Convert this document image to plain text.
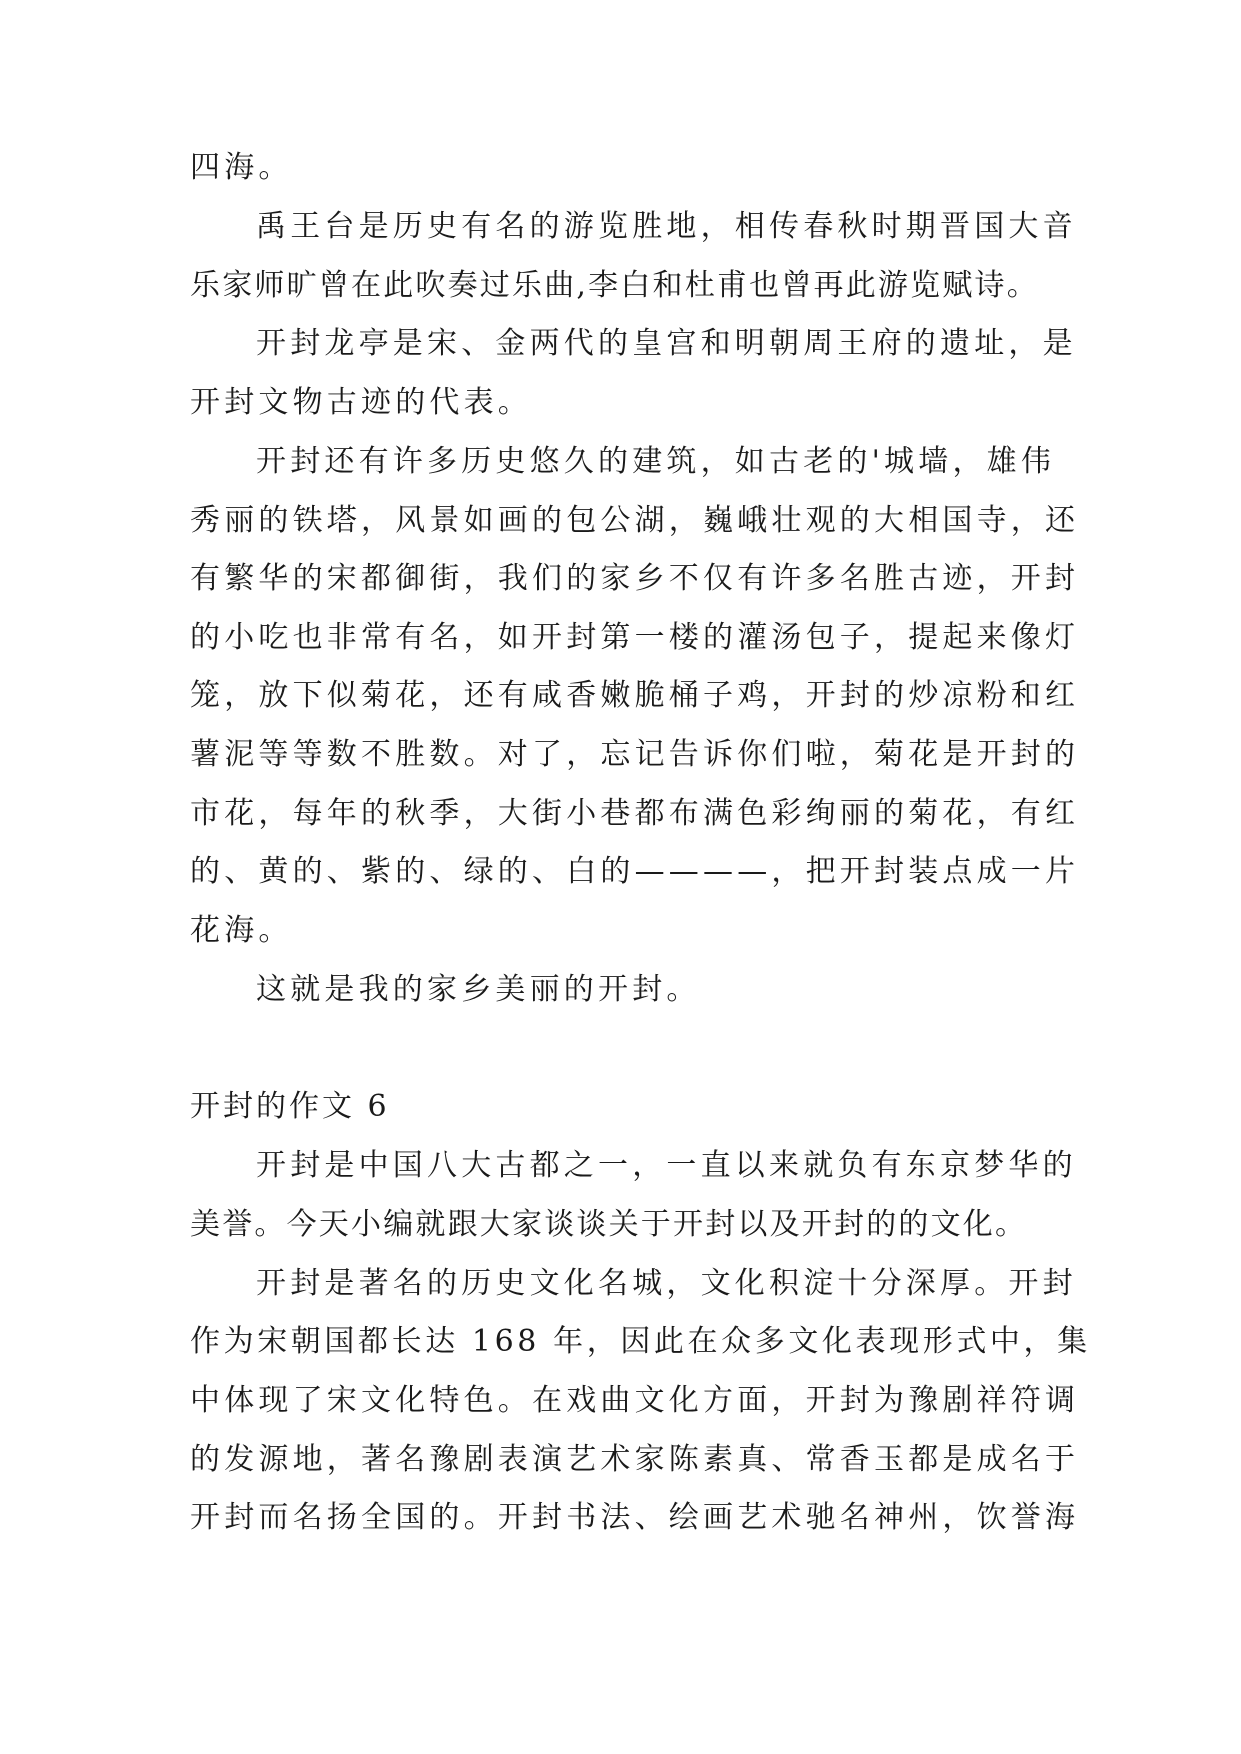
四海。
禹王台是历史有名的游览胜地，相传春秋时期晋国大音
乐家师旷曾在此吹奏过乐曲,李白和杜甫也曾再此游览赋诗。
开封龙亭是宋、金两代的皇宫和明朝周王府的遗址，是
开封文物古迹的代表。
开封还有许多历史悠久的建筑，如古老的'城墙，雄伟
秀丽的铁塔，风景如画的包公湖，巍峨壮观的大相国寺，还
有繁华的宋都御街，我们的家乡不仅有许多名胜古迹，开封
的小吃也非常有名，如开封第一楼的灌汤包子，提起来像灯
笼，放下似菊花，还有咸香嫩脆桶子鸡，开封的炒凉粉和红
薯泥等等数不胜数。对了，忘记告诉你们啦，菊花是开封的
市花，每年的秋季，大街小巷都布满色彩绚丽的菊花，有红
的、黄的、紫的、绿的、白的————，把开封装点成一片
花海。
这就是我的家乡美丽的开封。
开封的作文 6
开封是中国八大古都之一，一直以来就负有东京梦华的
美誉。今天小编就跟大家谈谈关于开封以及开封的的文化。
开封是著名的历史文化名城，文化积淀十分深厚。开封
作为宋朝国都长达 168 年，因此在众多文化表现形式中，集
中体现了宋文化特色。在戏曲文化方面，开封为豫剧祥符调
的发源地，著名豫剧表演艺术家陈素真、常香玉都是成名于
开封而名扬全国的。开封书法、绘画艺术驰名神州，饮誉海
